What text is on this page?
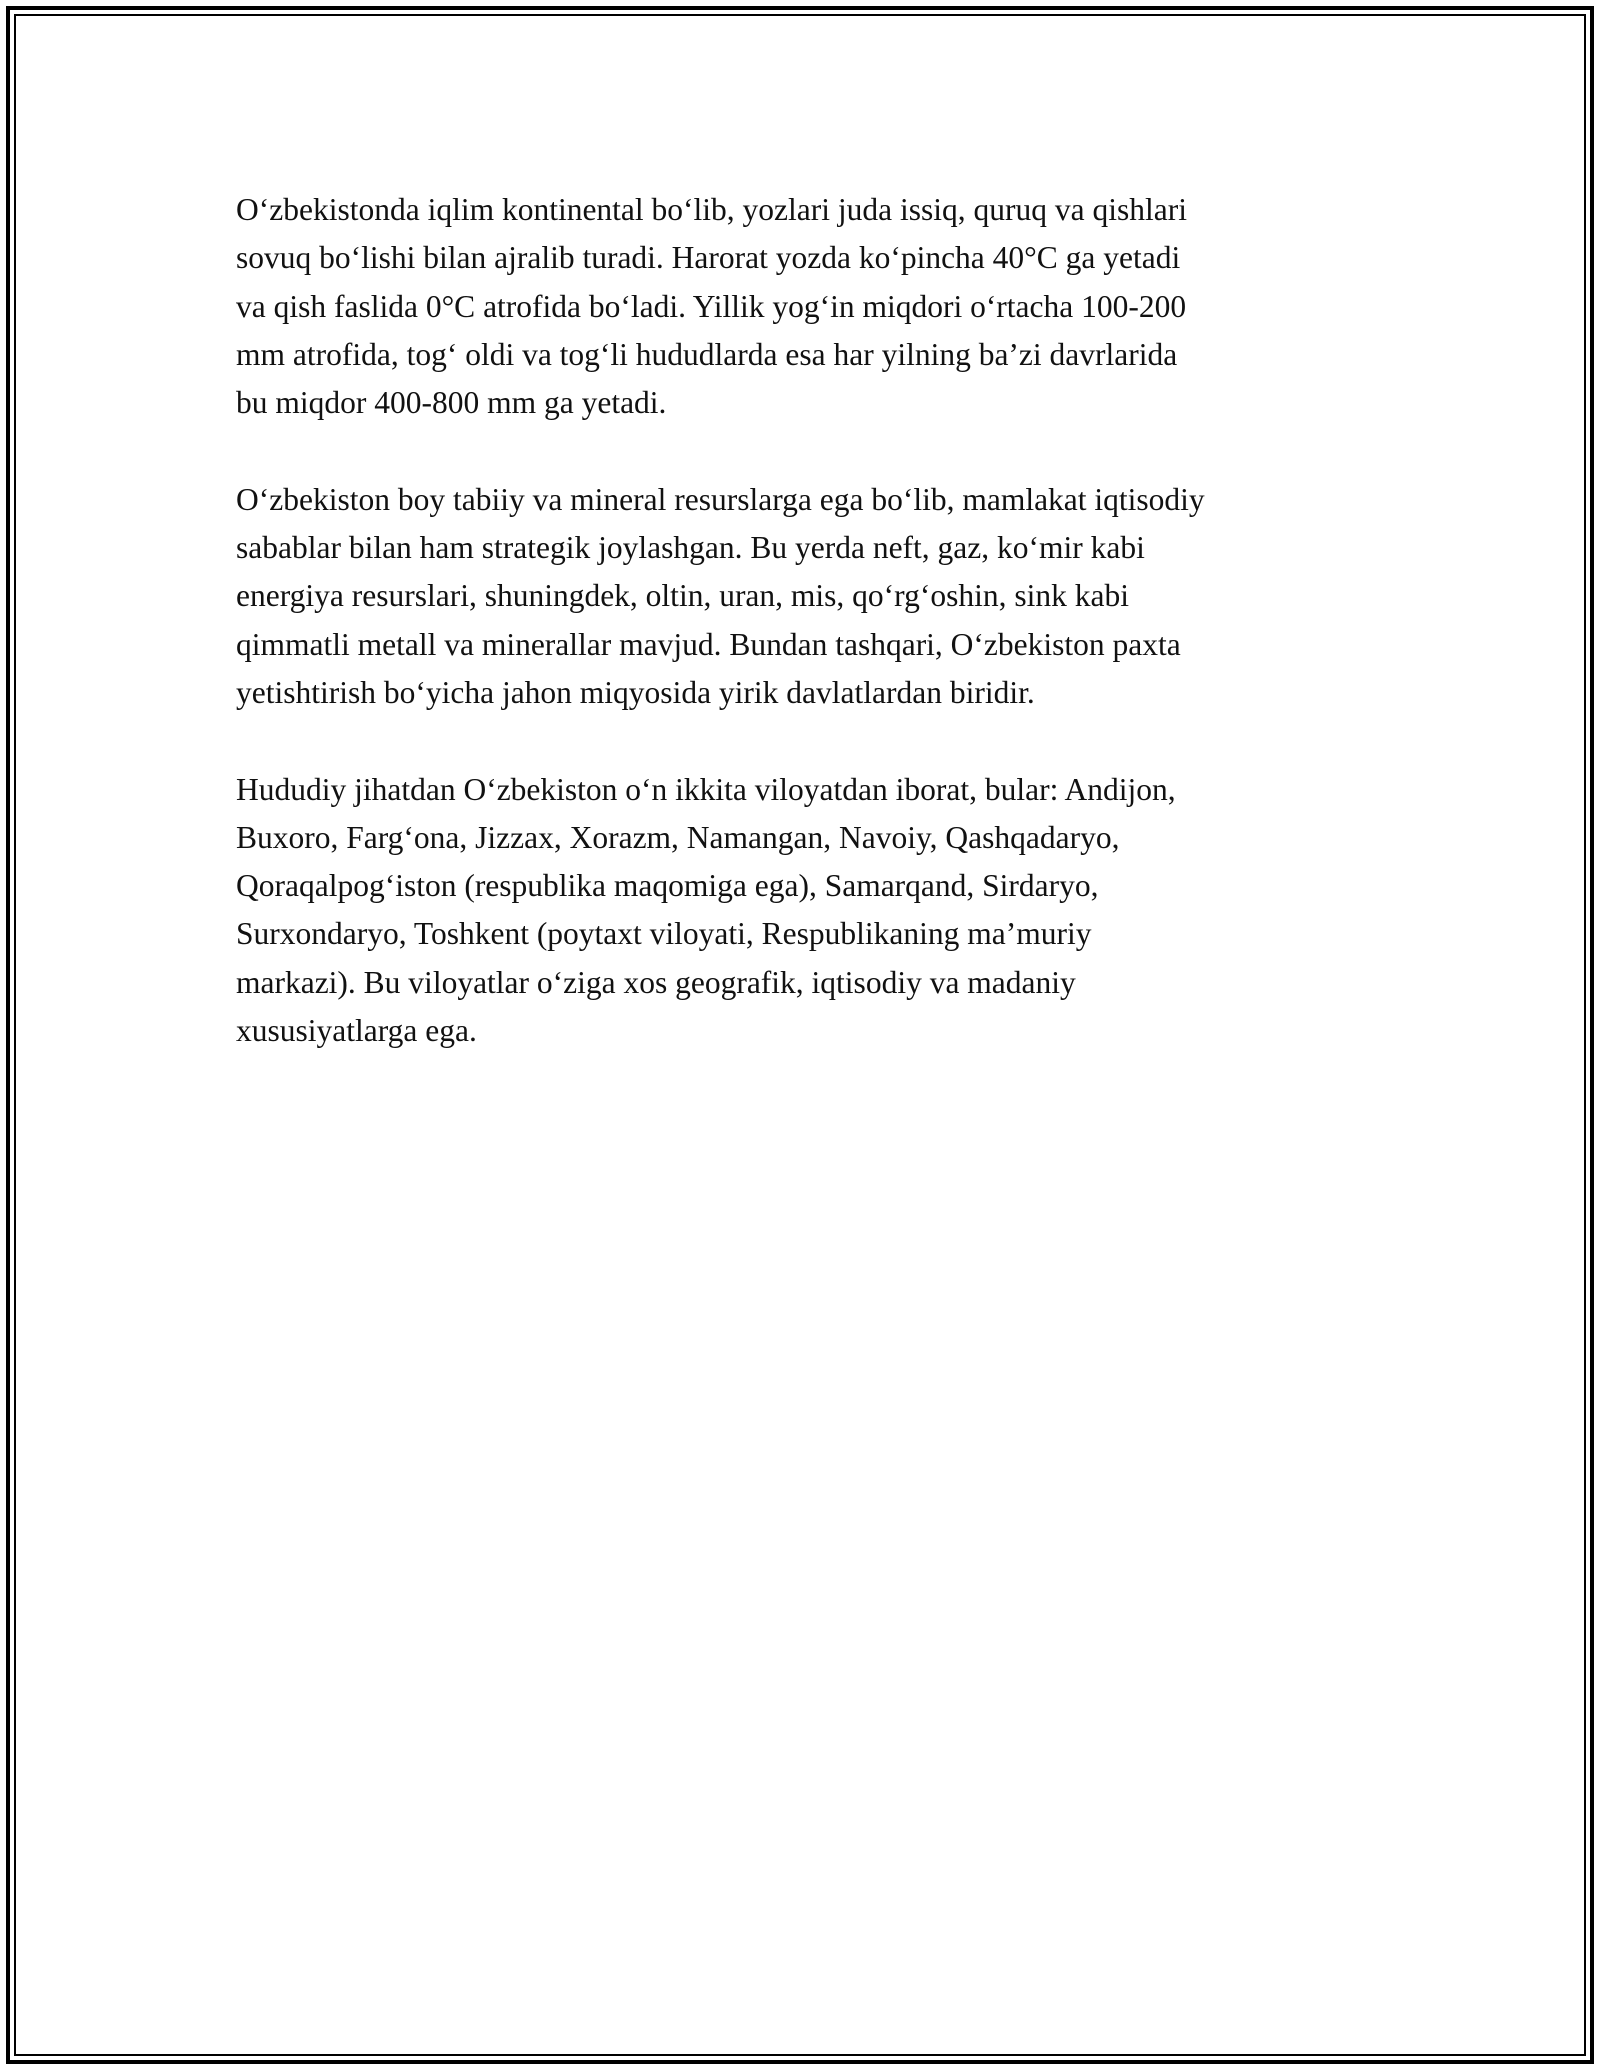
O‘zbekistonda iqlim kontinental bo‘lib, yozlari juda issiq, quruq va qishlari
sovuq bo‘lishi bilan ajralib turadi. Harorat yozda ko‘pincha 40°C ga yetadi
va qish faslida 0°C atrofida bo‘ladi. Yillik yog‘in miqdori o‘rtacha 100-200
mm atrofida, tog‘ oldi va tog‘li hududlarda esa har yilning ba’zi davrlarida
bu miqdor 400-800 mm ga yetadi.

O‘zbekiston boy tabiiy va mineral resurslarga ega bo‘lib, mamlakat iqtisodiy
sabablar bilan ham strategik joylashgan. Bu yerda neft, gaz, ko‘mir kabi
energiya resurslari, shuningdek, oltin, uran, mis, qo‘rg‘oshin, sink kabi
qimmatli metall va minerallar mavjud. Bundan tashqari, O‘zbekiston paxta
yetishtirish bo‘yicha jahon miqyosida yirik davlatlardan biridir.

Hududiy jihatdan O‘zbekiston o‘n ikkita viloyatdan iborat, bular: Andijon,
Buxoro, Farg‘ona, Jizzax, Xorazm, Namangan, Navoiy, Qashqadaryo,
Qoraqalpog‘iston (respublika maqomiga ega), Samarqand, Sirdaryo,
Surxondaryo, Toshkent (poytaxt viloyati, Respublikaning ma’muriy
markazi). Bu viloyatlar o‘ziga xos geografik, iqtisodiy va madaniy
xususiyatlarga ega.
